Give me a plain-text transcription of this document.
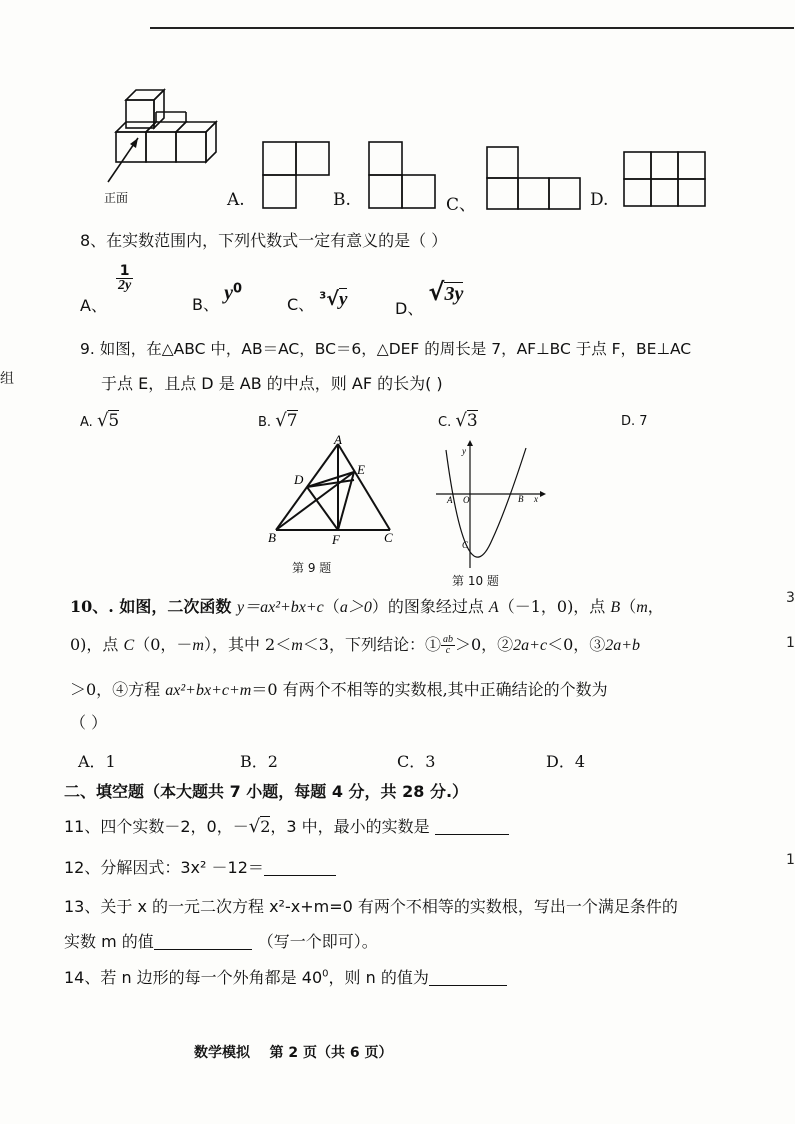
组
1
1
3
正面	A.	B.	C、	D.
8、在实数范围内，下列代数式一定有意义的是（ ）
A、
$\frac{1}{2y}$
B、 $y^0$
C、 $^3$√y	D、 √3y
9. 如图，在△ABC 中，AB＝AC，BC＝6，△DEF 的周长是 7，AF⊥BC 于点 F，BE⊥AC
于点 E，且点 D 是 AB 的中点，则 AF 的长为( )
A. √5	B. √7	C. √3	D. 7
A
D
E
B	F	C
第 9 题
y
x
A O	B
C
第 10 题
10、. 如图，二次函数 y＝ax²+bx+c（a＞0）的图象经过点 A（－1，0)，点 B（m，
0)，点 C（0，－m），其中 2＜m＜3，下列结论：① $\frac{ab}{c} >0$，②2a+c＜0，③2a+b
＞0，④方程 ax²+bx+c+m＝0 有两个不相等的实数根,其中正确结论的个数为
（ ）
A．1	B．2	C．3	D．4
二、填空题（本大题共 7 小题，每题 4 分，共 28 分.）
11、四个实数－2，0，－√2，3 中，最小的实数是
12、分解因式：3x² －12＝
13、关于 x 的一元二次方程 x²-x+m=0 有两个不相等的实数根，写出一个满足条件的
实数 m 的值	（写一个即可）。
14、若 n 边形的每一个外角都是 $40^0$，则 n 的值为
数学模拟    第 2 页（共 6 页）
